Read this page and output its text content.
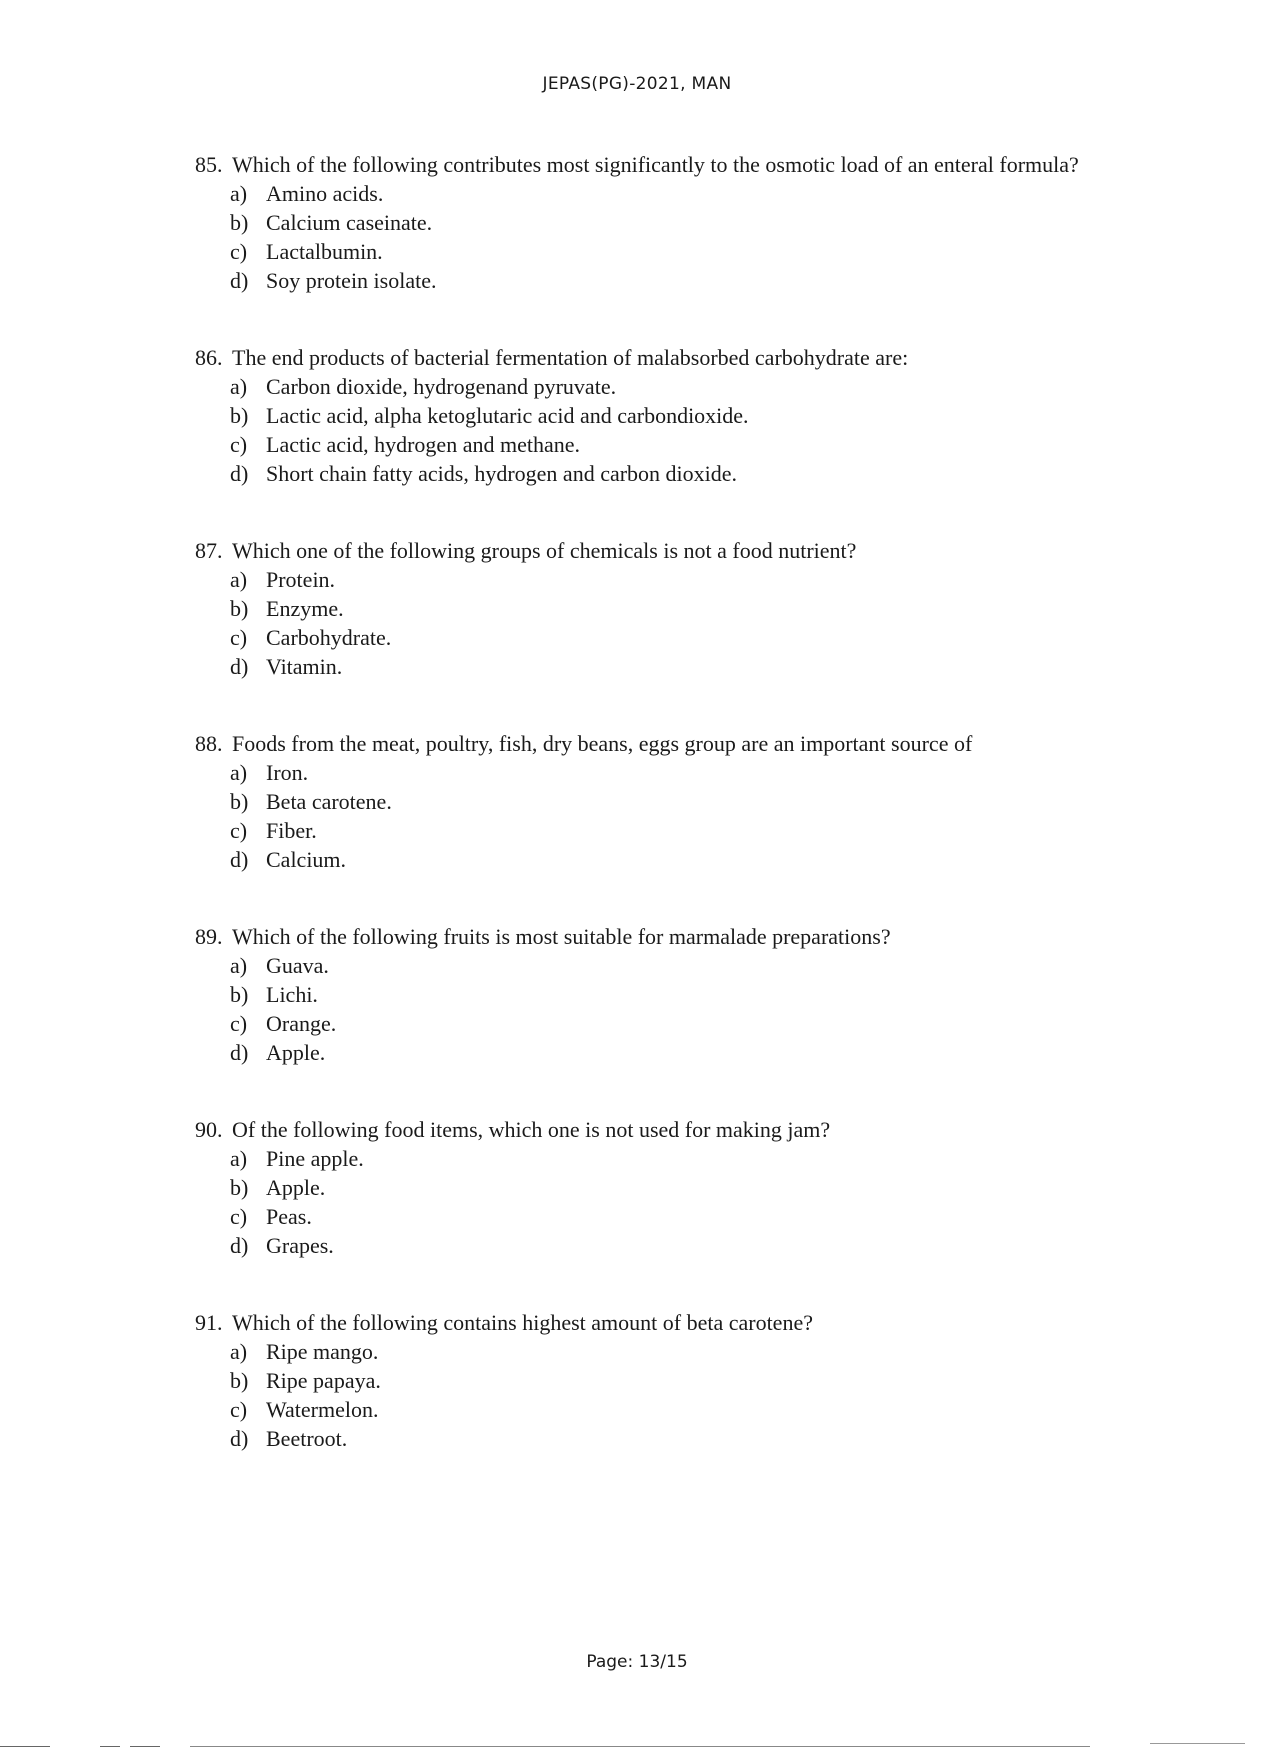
JEPAS(PG)-2021, MAN
85. Which of the following contributes most significantly to the osmotic load of an enteral formula?
a) Amino acids.
b) Calcium caseinate.
c) Lactalbumin.
d) Soy protein isolate.
86. The end products of bacterial fermentation of malabsorbed carbohydrate are:
a) Carbon dioxide, hydrogenand pyruvate.
b) Lactic acid, alpha ketoglutaric acid and carbondioxide.
c) Lactic acid, hydrogen and methane.
d) Short chain fatty acids, hydrogen and carbon dioxide.
87. Which one of the following groups of chemicals is not a food nutrient?
a) Protein.
b) Enzyme.
c) Carbohydrate.
d) Vitamin.
88. Foods from the meat, poultry, fish, dry beans, eggs group are an important source of
a) Iron.
b) Beta carotene.
c) Fiber.
d) Calcium.
89. Which of the following fruits is most suitable for marmalade preparations?
a) Guava.
b) Lichi.
c) Orange.
d) Apple.
90. Of the following food items, which one is not used for making jam?
a) Pine apple.
b) Apple.
c) Peas.
d) Grapes.
91. Which of the following contains highest amount of beta carotene?
a) Ripe mango.
b) Ripe papaya.
c) Watermelon.
d) Beetroot.
Page: 13/15
